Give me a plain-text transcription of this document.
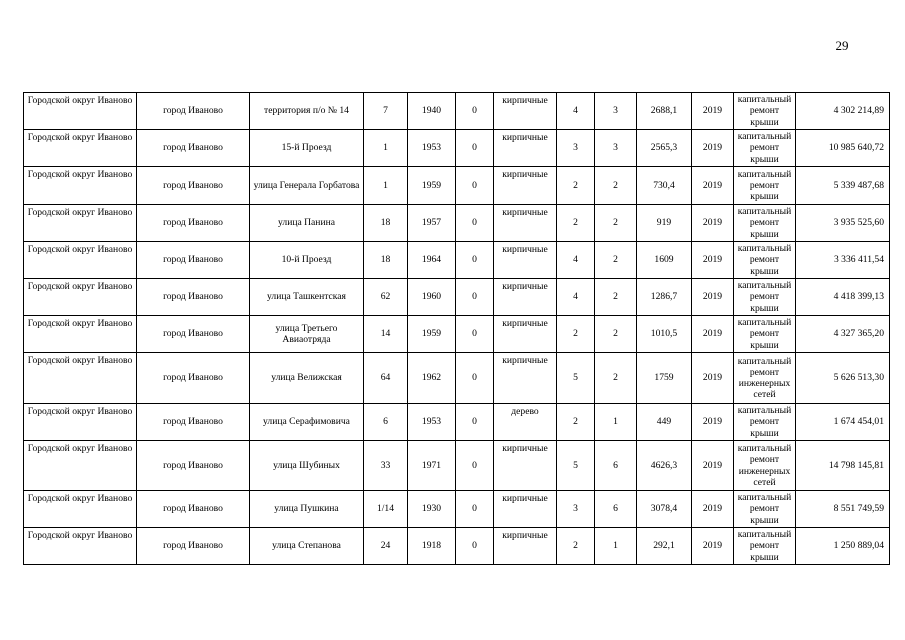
29
Городской округ Иваново	город Иваново	территория п/о № 14	7	1940	0	кирпичные	4	3	2688,1	2019	капитальный ремонт крыши	4 302 214,89
Городской округ Иваново	город Иваново	15-й Проезд	1	1953	0	кирпичные	3	3	2565,3	2019	капитальный ремонт крыши	10 985 640,72
Городской округ Иваново	город Иваново	улица Генерала Горбатова	1	1959	0	кирпичные	2	2	730,4	2019	капитальный ремонт крыши	5 339 487,68
Городской округ Иваново	город Иваново	улица Панина	18	1957	0	кирпичные	2	2	919	2019	капитальный ремонт крыши	3 935 525,60
Городской округ Иваново	город Иваново	10-й Проезд	18	1964	0	кирпичные	4	2	1609	2019	капитальный ремонт крыши	3 336 411,54
Городской округ Иваново	город Иваново	улица Ташкентская	62	1960	0	кирпичные	4	2	1286,7	2019	капитальный ремонт крыши	4 418 399,13
Городской округ Иваново	город Иваново	улица Третьего Авиаотряда	14	1959	0	кирпичные	2	2	1010,5	2019	капитальный ремонт крыши	4 327 365,20
Городской округ Иваново	город Иваново	улица Велижская	64	1962	0	кирпичные	5	2	1759	2019	капитальный ремонт инженерных сетей	5 626 513,30
Городской округ Иваново	город Иваново	улица Серафимовича	6	1953	0	дерево	2	1	449	2019	капитальный ремонт крыши	1 674 454,01
Городской округ Иваново	город Иваново	улица Шубиных	33	1971	0	кирпичные	5	6	4626,3	2019	капитальный ремонт инженерных сетей	14 798 145,81
Городской округ Иваново	город Иваново	улица Пушкина	1/14	1930	0	кирпичные	3	6	3078,4	2019	капитальный ремонт крыши	8 551 749,59
Городской округ Иваново	город Иваново	улица Степанова	24	1918	0	кирпичные	2	1	292,1	2019	капитальный ремонт крыши	1 250 889,04
